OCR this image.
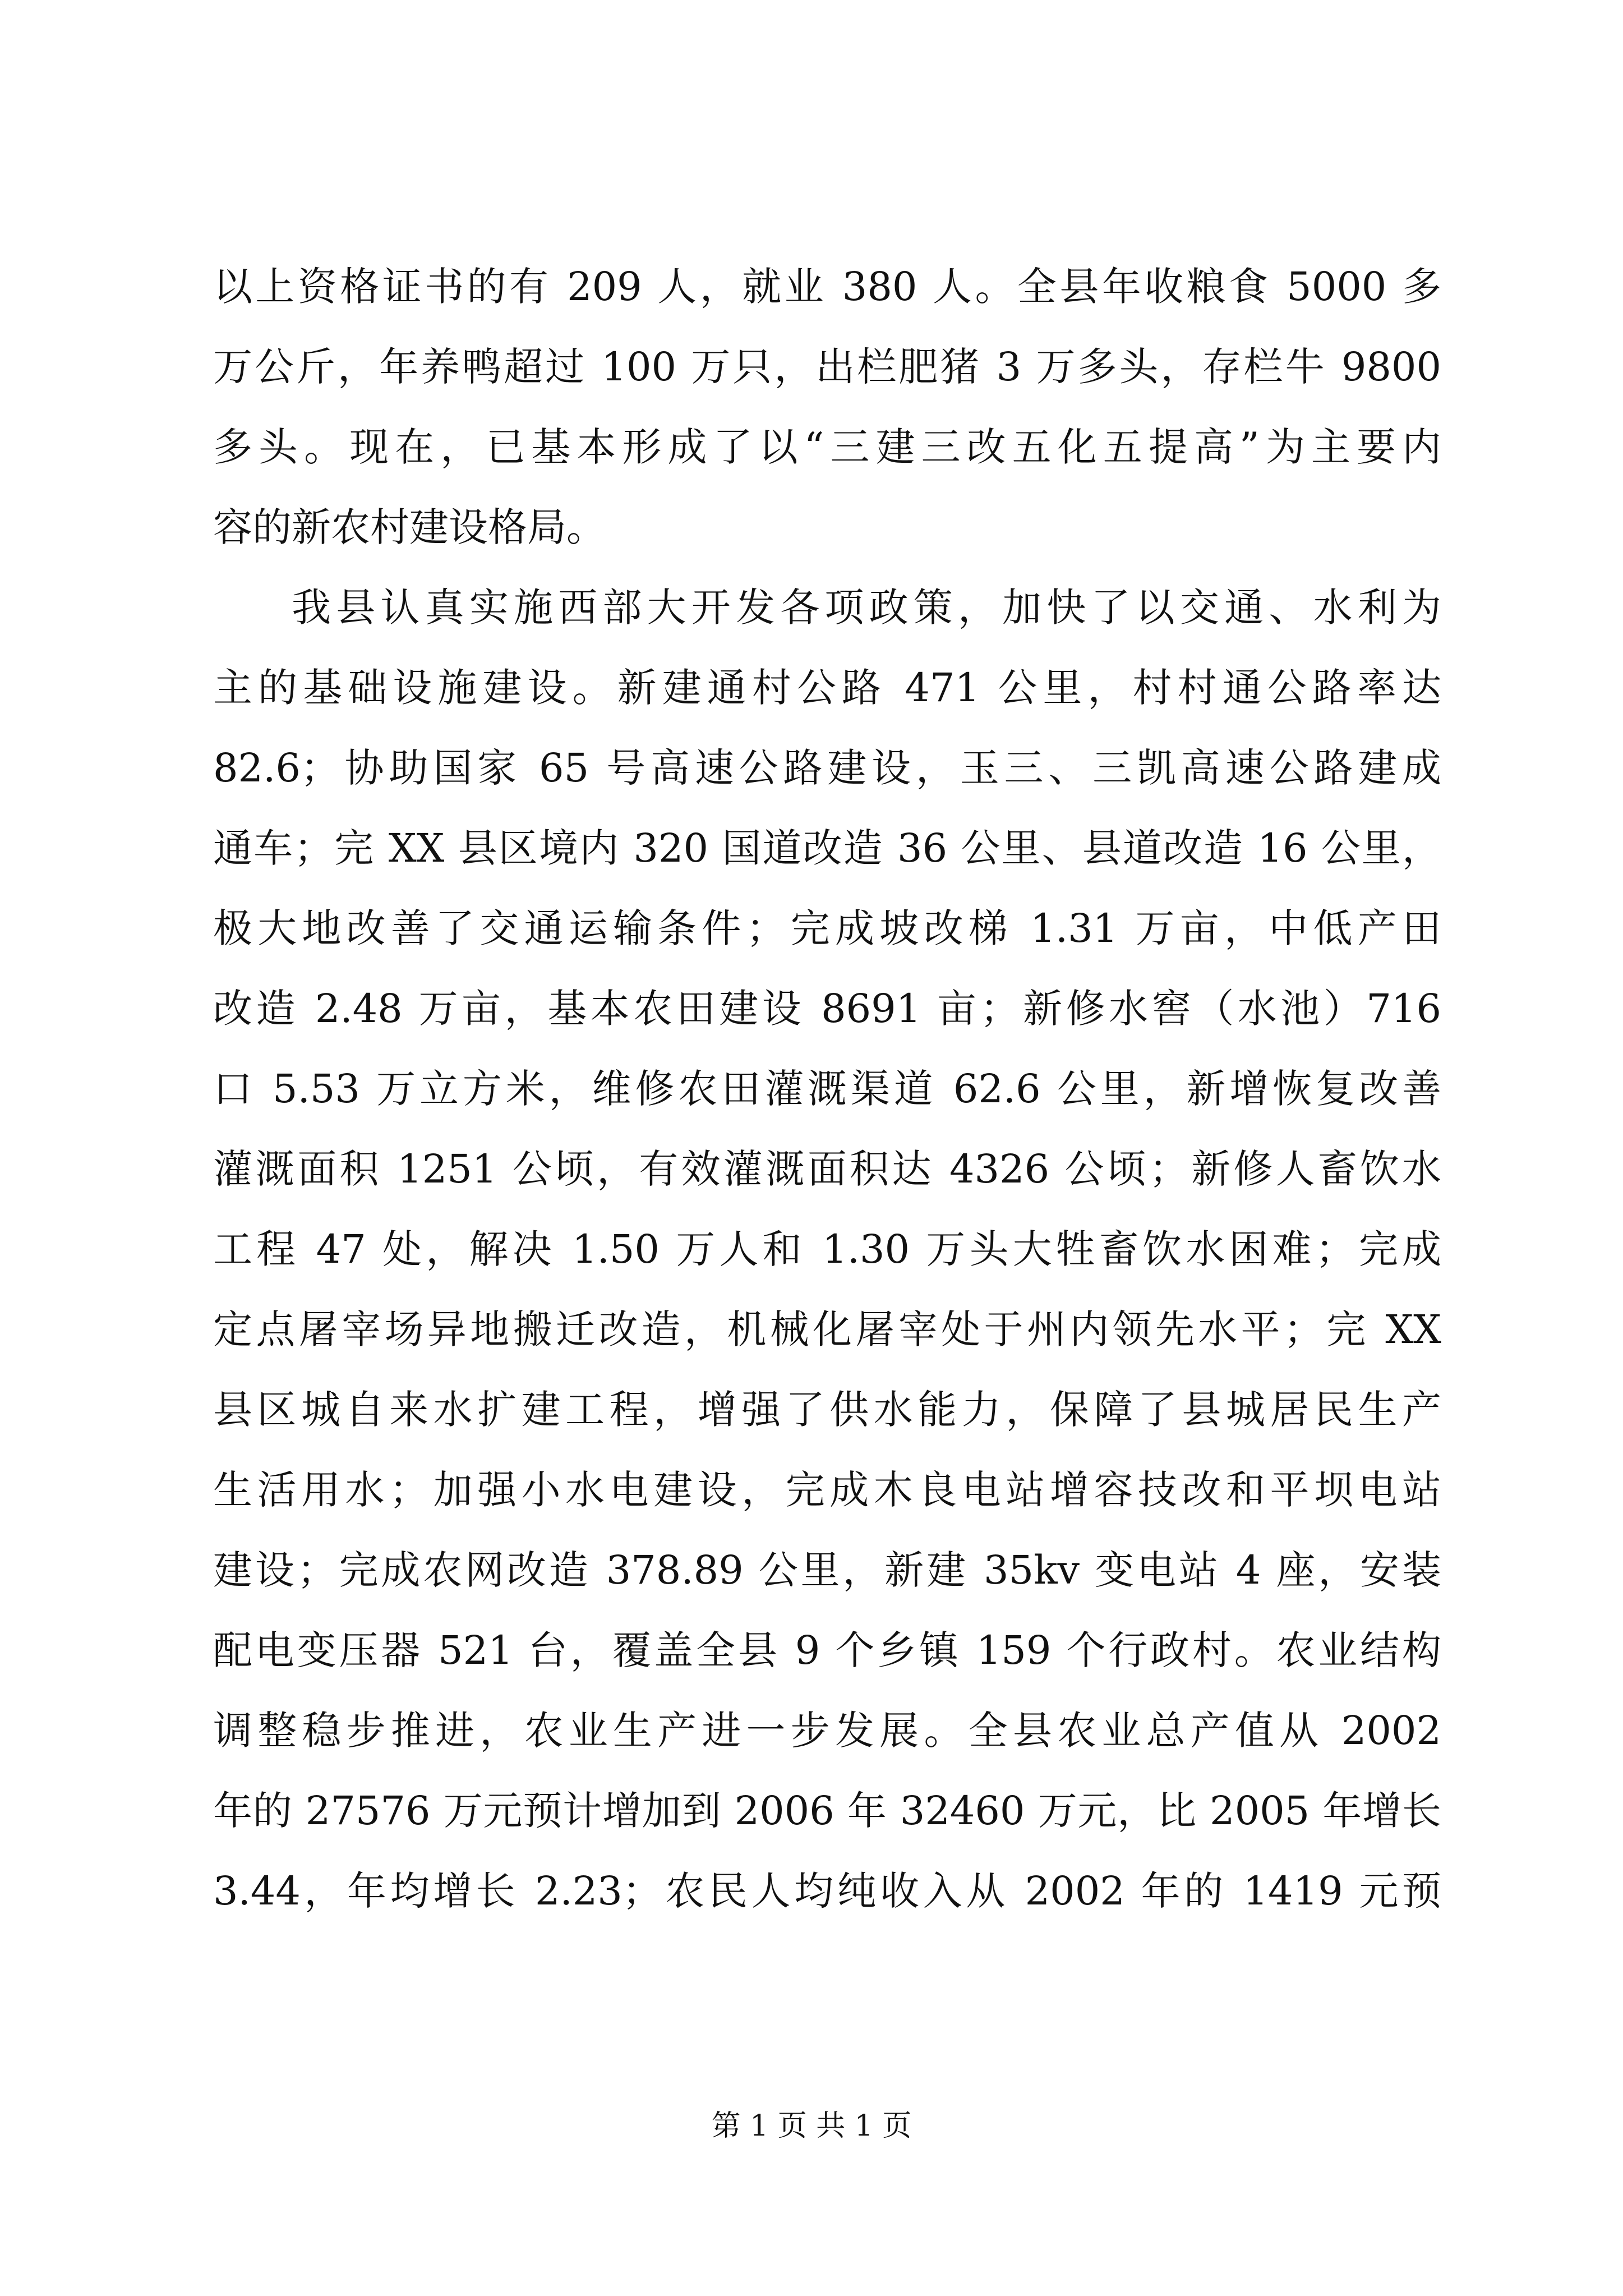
以上资格证书的有 209 人，就业 380 人。全县年收粮食 5000 多
万公斤，年养鸭超过 100 万只，出栏肥猪 3 万多头，存栏牛 9800
多头。现在，已基本形成了以“三建三改五化五提高”为主要内
容的新农村建设格局。
我县认真实施西部大开发各项政策，加快了以交通、水利为
主的基础设施建设。新建通村公路 471 公里，村村通公路率达
82.6；协助国家 65 号高速公路建设，玉三、三凯高速公路建成
通车；完 XX 县区境内 320 国道改造 36 公里、县道改造 16 公里，
极大地改善了交通运输条件；完成坡改梯 1.31 万亩，中低产田
改造 2.48 万亩，基本农田建设 8691 亩；新修水窖（水池）716
口 5.53 万立方米，维修农田灌溉渠道 62.6 公里，新增恢复改善
灌溉面积 1251 公顷，有效灌溉面积达 4326 公顷；新修人畜饮水
工程 47 处，解决 1.50 万人和 1.30 万头大牲畜饮水困难；完成
定点屠宰场异地搬迁改造，机械化屠宰处于州内领先水平；完 XX
县区城自来水扩建工程，增强了供水能力，保障了县城居民生产
生活用水；加强小水电建设，完成木良电站增容技改和平坝电站
建设；完成农网改造 378.89 公里，新建 35kv 变电站 4 座，安装
配电变压器 521 台，覆盖全县 9 个乡镇 159 个行政村。农业结构
调整稳步推进，农业生产进一步发展。全县农业总产值从 2002
年的 27576 万元预计增加到 2006 年 32460 万元，比 2005 年增长
3.44，年均增长 2.23；农民人均纯收入从 2002 年的 1419 元预
第 1 页 共 1 页
